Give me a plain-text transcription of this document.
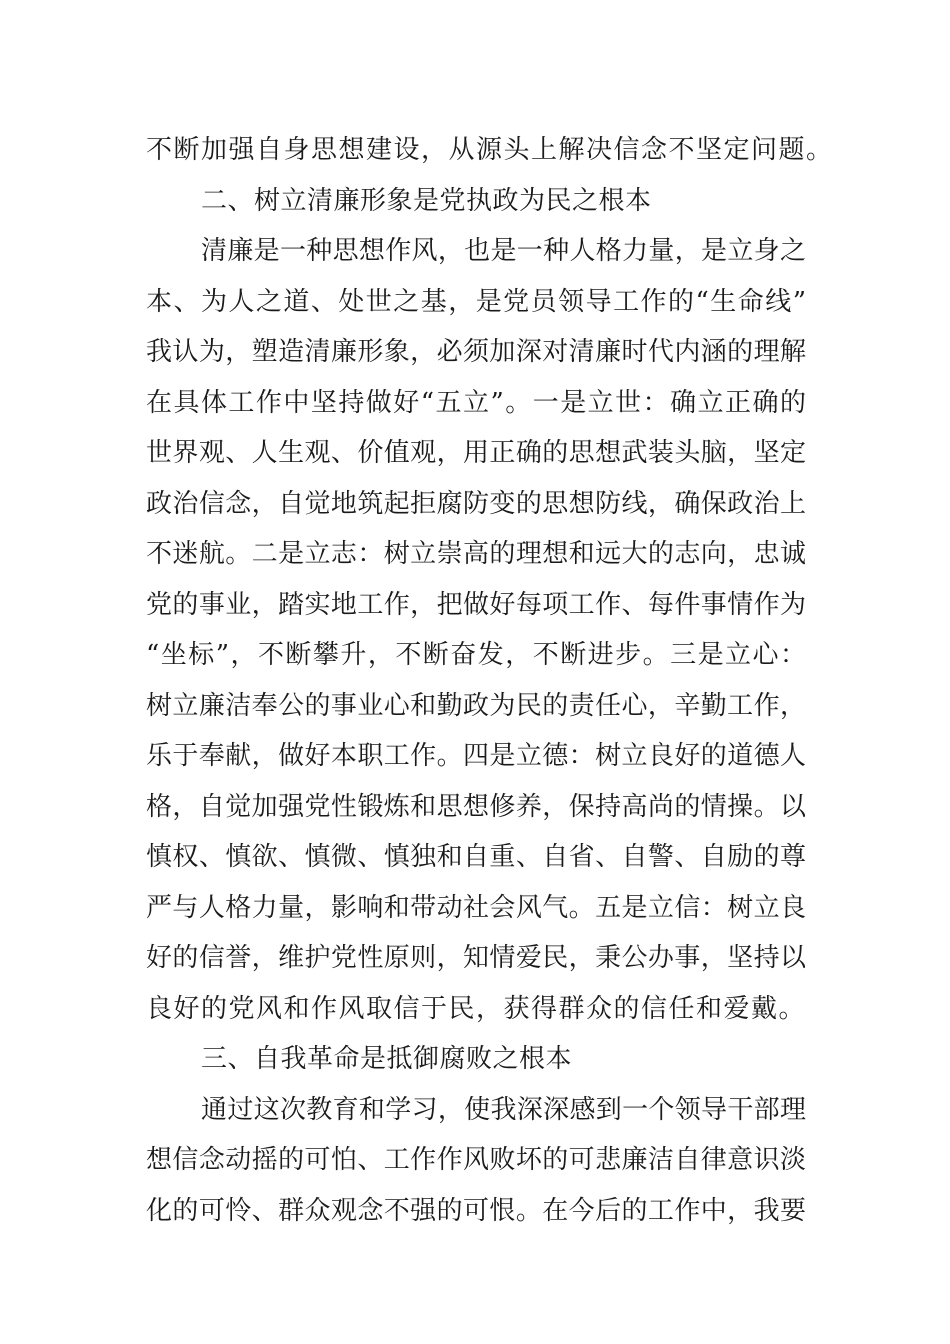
不断加强自身思想建设，从源头上解决信念不坚定问题。
二、树立清廉形象是党执政为民之根本
清廉是一种思想作风，也是一种人格力量，是立身之
本、为人之道、处世之基，是党员领导工作的“生命线”
我认为，塑造清廉形象，必须加深对清廉时代内涵的理解
在具体工作中坚持做好“五立”。一是立世：确立正确的
世界观、人生观、价值观，用正确的思想武装头脑，坚定
政治信念，自觉地筑起拒腐防变的思想防线，确保政治上
不迷航。二是立志：树立崇高的理想和远大的志向，忠诚
党的事业，踏实地工作，把做好每项工作、每件事情作为
“坐标”，不断攀升，不断奋发，不断进步。三是立心：
树立廉洁奉公的事业心和勤政为民的责任心，辛勤工作，
乐于奉献，做好本职工作。四是立德：树立良好的道德人
格，自觉加强党性锻炼和思想修养，保持高尚的情操。以
慎权、慎欲、慎微、慎独和自重、自省、自警、自励的尊
严与人格力量，影响和带动社会风气。五是立信：树立良
好的信誉，维护党性原则，知情爱民，秉公办事，坚持以
良好的党风和作风取信于民，获得群众的信任和爱戴。
三、自我革命是抵御腐败之根本
通过这次教育和学习，使我深深感到一个领导干部理
想信念动摇的可怕、工作作风败坏的可悲廉洁自律意识淡
化的可怜、群众观念不强的可恨。在今后的工作中，我要
